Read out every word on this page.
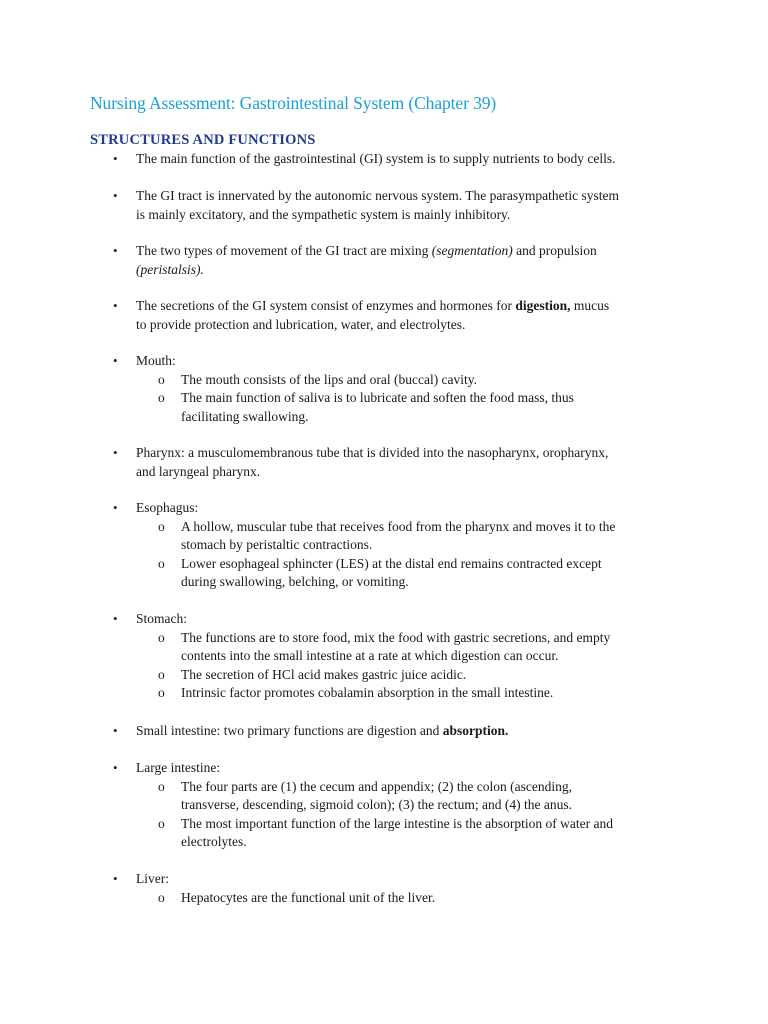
Nursing Assessment: Gastrointestinal System (Chapter 39)
STRUCTURES AND FUNCTIONS
• The main function of the gastrointestinal (GI) system is to supply nutrients to body cells.
• The GI tract is innervated by the autonomic nervous system. The parasympathetic system
is mainly excitatory, and the sympathetic system is mainly inhibitory.
• The two types of movement of the GI tract are mixing (segmentation) and propulsion
(peristalsis).
• The secretions of the GI system consist of enzymes and hormones for digestion, mucus
to provide protection and lubrication, water, and electrolytes.
• Mouth:
o The mouth consists of the lips and oral (buccal) cavity.
o The main function of saliva is to lubricate and soften the food mass, thus
facilitating swallowing.
• Pharynx: a musculomembranous tube that is divided into the nasopharynx, oropharynx,
and laryngeal pharynx.
• Esophagus:
o A hollow, muscular tube that receives food from the pharynx and moves it to the
stomach by peristaltic contractions.
o Lower esophageal sphincter (LES) at the distal end remains contracted except
during swallowing, belching, or vomiting.
• Stomach:
o The functions are to store food, mix the food with gastric secretions, and empty
contents into the small intestine at a rate at which digestion can occur.
o The secretion of HCl acid makes gastric juice acidic.
o Intrinsic factor promotes cobalamin absorption in the small intestine.
• Small intestine: two primary functions are digestion and absorption.
• Large intestine:
o The four parts are (1) the cecum and appendix; (2) the colon (ascending,
transverse, descending, sigmoid colon); (3) the rectum; and (4) the anus.
o The most important function of the large intestine is the absorption of water and
electrolytes.
• Liver:
o Hepatocytes are the functional unit of the liver.
